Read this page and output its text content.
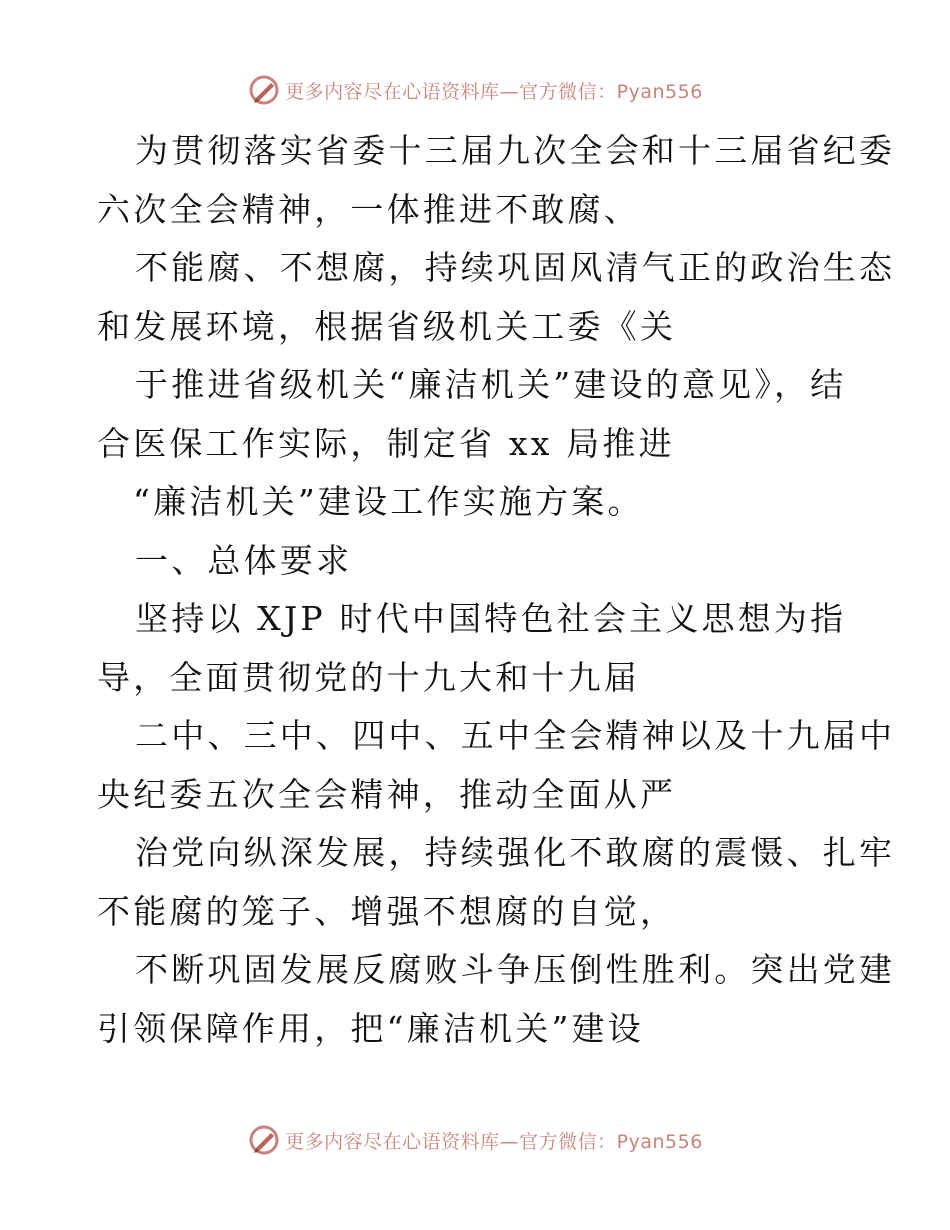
更多内容尽在心语资料库—官方微信：Pyan556
为贯彻落实省委十三届九次全会和十三届省纪委
六次全会精神，一体推进不敢腐、
不能腐、不想腐，持续巩固风清气正的政治生态
和发展环境，根据省级机关工委《关
于推进省级机关“廉洁机关”建设的意见》，结
合医保工作实际，制定省 xx 局推进
“廉洁机关”建设工作实施方案。
一、总体要求
坚持以 XJP 时代中国特色社会主义思想为指
导，全面贯彻党的十九大和十九届
二中、三中、四中、五中全会精神以及十九届中
央纪委五次全会精神，推动全面从严
治党向纵深发展，持续强化不敢腐的震慑、扎牢
不能腐的笼子、增强不想腐的自觉，
不断巩固发展反腐败斗争压倒性胜利。突出党建
引领保障作用，把“廉洁机关”建设
更多内容尽在心语资料库—官方微信：Pyan556
